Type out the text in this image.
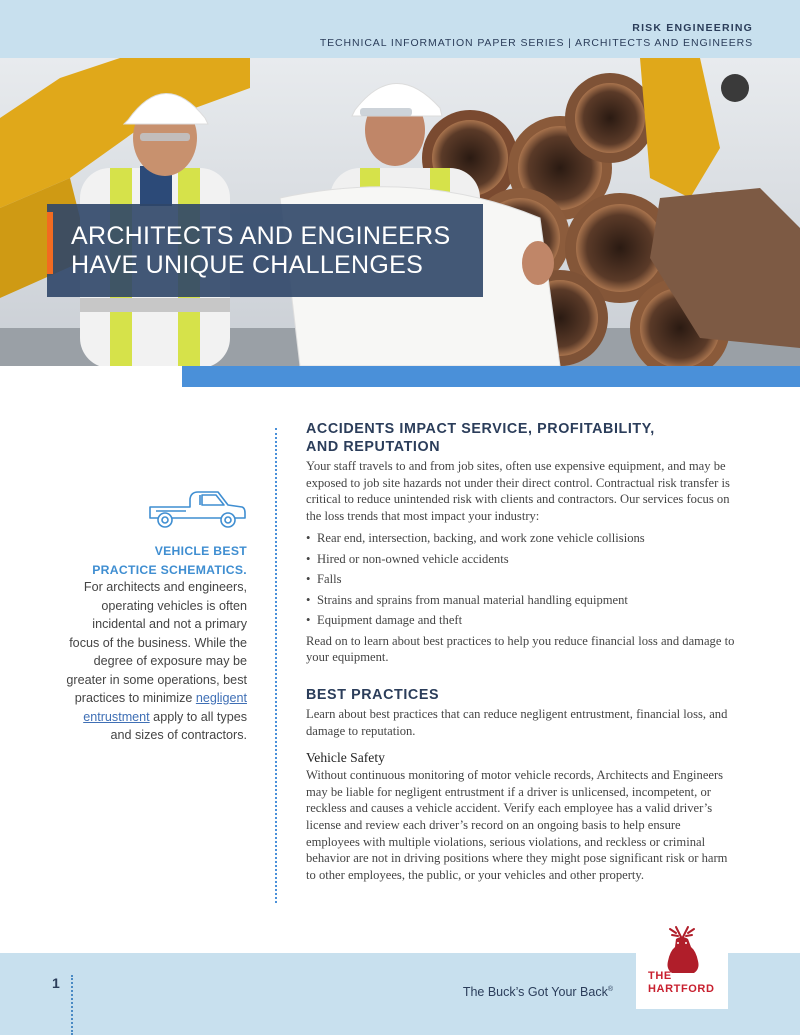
RISK ENGINEERING
TECHNICAL INFORMATION PAPER SERIES | ARCHITECTS AND ENGINEERS
ARCHITECTS AND ENGINEERS
HAVE UNIQUE CHALLENGES
VEHICLE BEST
PRACTICE SCHEMATICS.
For architects and engineers, operating vehicles is often incidental and not a primary focus of the business. While the degree of exposure may be greater in some operations, best practices to minimize negligent entrustment apply to all types and sizes of contractors.
ACCIDENTS IMPACT SERVICE, PROFITABILITY,
AND REPUTATION

Your staff travels to and from job sites, often use expensive equipment, and may be exposed to job site hazards not under their direct control. Contractual risk transfer is critical to reduce unintended risk with clients and contractors. Our services focus on the loss trends that most impact your industry:

• Rear end, intersection, backing, and work zone vehicle collisions
• Hired or non-owned vehicle accidents
• Falls
• Strains and sprains from manual material handling equipment
• Equipment damage and theft

Read on to learn about best practices to help you reduce financial loss and damage to your equipment.

BEST PRACTICES

Learn about best practices that can reduce negligent entrustment, financial loss, and damage to reputation.

Vehicle Safety

Without continuous monitoring of motor vehicle records, Architects and Engineers may be liable for negligent entrustment if a driver is unlicensed, incompetent, or reckless and causes a vehicle accident. Verify each employee has a valid driver’s license and review each driver’s record on an ongoing basis to help ensure employees with multiple violations, serious violations, and reckless or criminal behavior are not in driving positions where they might pose significant risk or harm to other employees, the public, or your vehicles and other property.

1
The Buck’s Got Your Back®
THE
HARTFORD
